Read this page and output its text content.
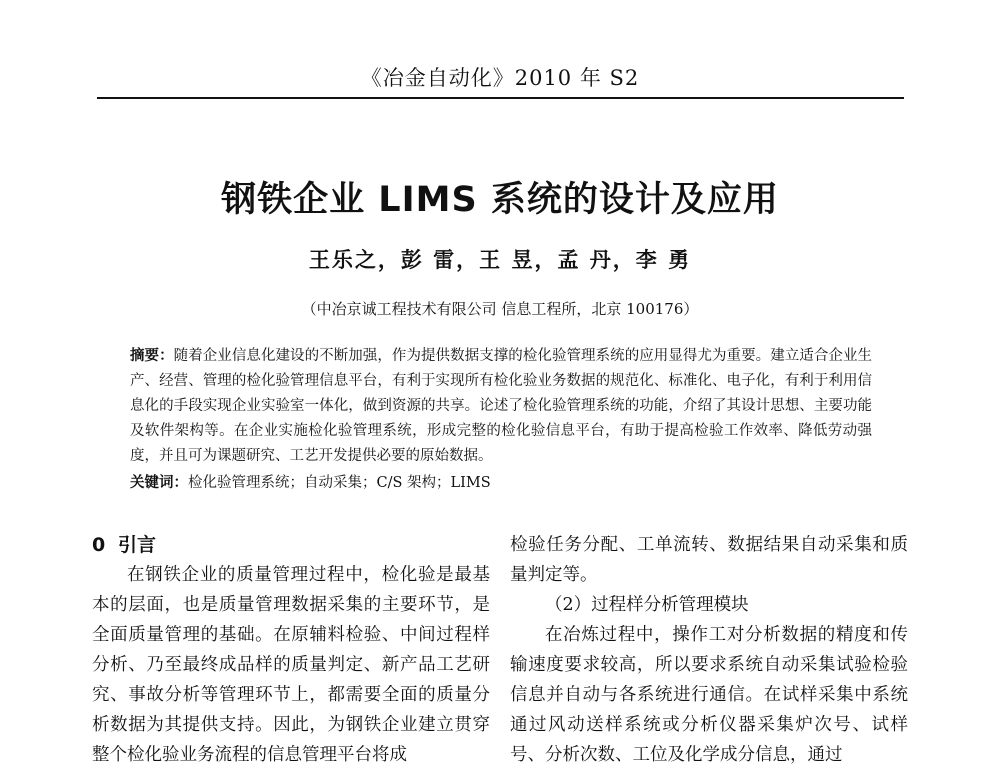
《冶金自动化》2010 年 S2
钢铁企业 LIMS 系统的设计及应用
王乐之，彭 雷，王 昱，孟 丹，李 勇
（中冶京诚工程技术有限公司 信息工程所，北京 100176）
摘要：随着企业信息化建设的不断加强，作为提供数据支撑的检化验管理系统的应用显得尤为重要。建立适合企业生产、经营、管理的检化验管理信息平台，有利于实现所有检化验业务数据的规范化、标准化、电子化，有利于利用信息化的手段实现企业实验室一体化，做到资源的共享。论述了检化验管理系统的功能，介绍了其设计思想、主要功能及软件架构等。在企业实施检化验管理系统，形成完整的检化验信息平台，有助于提高检验工作效率、降低劳动强度，并且可为课题研究、工艺开发提供必要的原始数据。
关键词：检化验管理系统；自动采集；C/S 架构；LIMS
0 引言

在钢铁企业的质量管理过程中，检化验是最基本的层面，也是质量管理数据采集的主要环节，是全面质量管理的基础。在原辅料检验、中间过程样分析、乃至最终成品样的质量判定、新产品工艺研究、事故分析等管理环节上，都需要全面的质量分析数据为其提供支持。因此，为钢铁企业建立贯穿整个检化验业务流程的信息管理平台将成

检验任务分配、工单流转、数据结果自动采集和质量判定等。

（2）过程样分析管理模块

在冶炼过程中，操作工对分析数据的精度和传输速度要求较高，所以要求系统自动采集试验检验信息并自动与各系统进行通信。在试样采集中系统通过风动送样系统或分析仪器采集炉次号、试样号、分析次数、工位及化学成分信息，通过
